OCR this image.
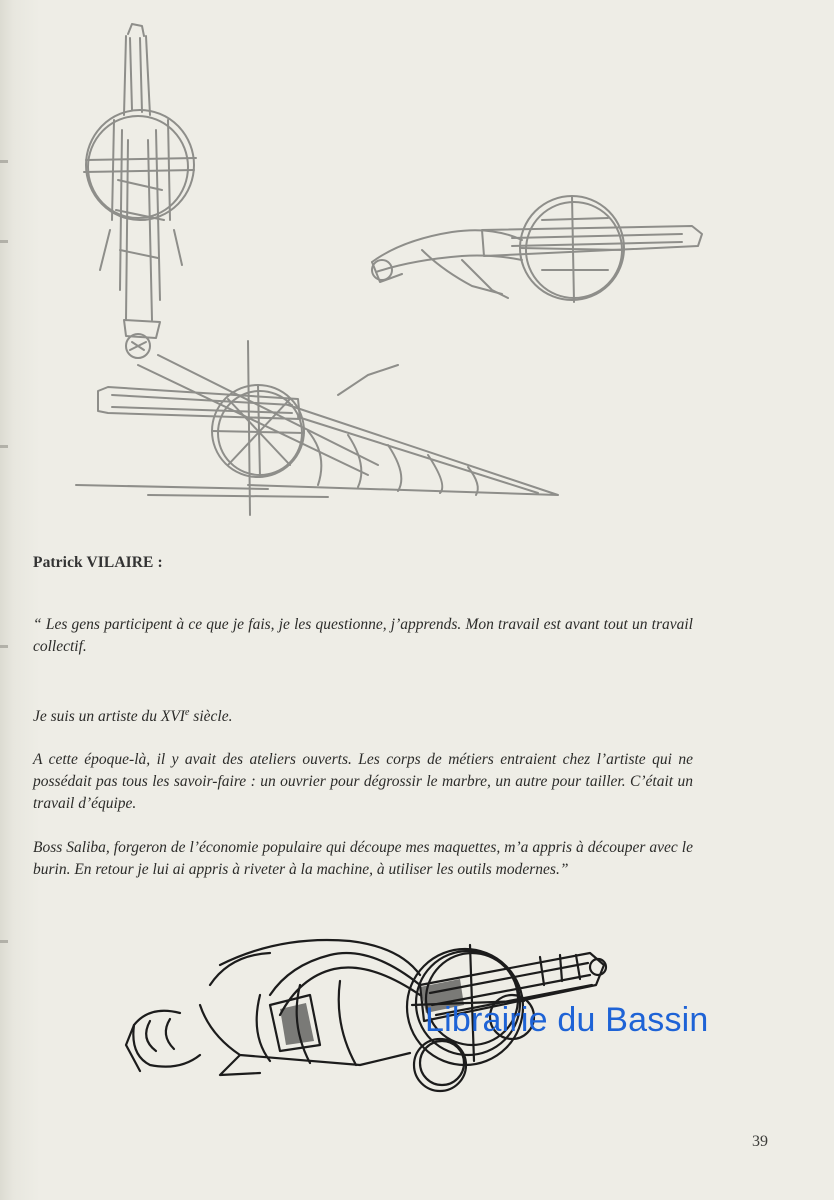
Patrick VILAIRE :

“ Les gens participent à ce que je fais, je les questionne, j’apprends. Mon travail est avant tout un travail collectif.

Je suis un artiste du XVIe siècle.

A cette époque-là, il y avait des ateliers ouverts. Les corps de métiers entraient chez l’artiste qui ne possédait pas tous les savoir-faire : un ouvrier pour dégrossir le marbre, un autre pour tailler. C’était un travail d’équipe.

Boss Saliba, forgeron de l’économie populaire qui découpe mes maquettes, m’a appris à découper avec le burin. En retour je lui ai appris à riveter à la machine, à utiliser les outils modernes.”

Librairie du Bassin
39
